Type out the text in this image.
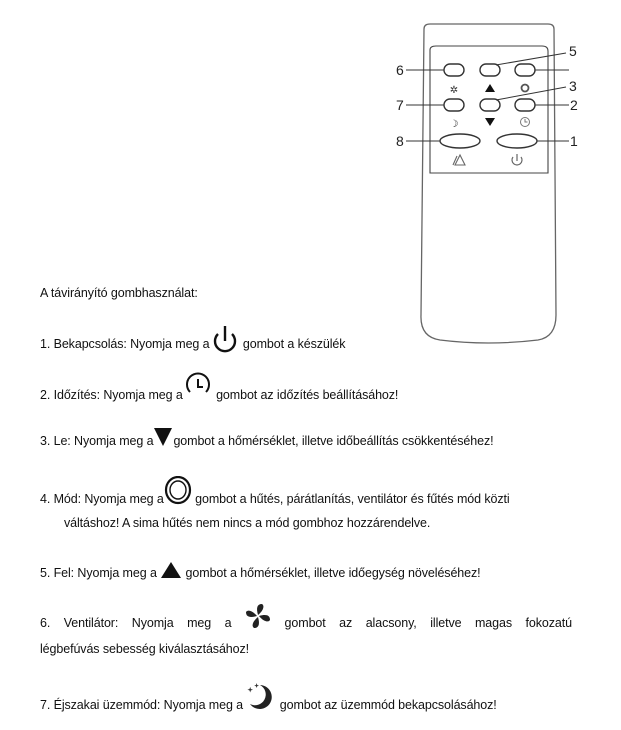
✲
☽
6
5
3
7	2
8	1
A távirányító gombhasználat:
1. Bekapcsolás: Nyomja meg a	gombot a készülék
2. Időzítés: Nyomja meg a	gombot az időzítés beállításához!
3. Le: Nyomja meg a gombot a hőmérséklet, illetve időbeállítás csökkentéséhez!
4. Mód: Nyomja meg a	gombot a hűtés, párátlanítás, ventilátor és fűtés mód közti
váltáshoz! A sima hűtés nem nincs a mód gombhoz hozzárendelve.
5. Fel: Nyomja meg a gombot a hőmérséklet, illetve időegység növeléséhez!
6. Ventilátor: Nyomja meg a	gombot az alacsony, illetve magas fokozatú
légbefúvás sebesség kiválasztásához!
7. Éjszakai üzemmód: Nyomja meg a	gombot az üzemmód bekapcsolásához!
